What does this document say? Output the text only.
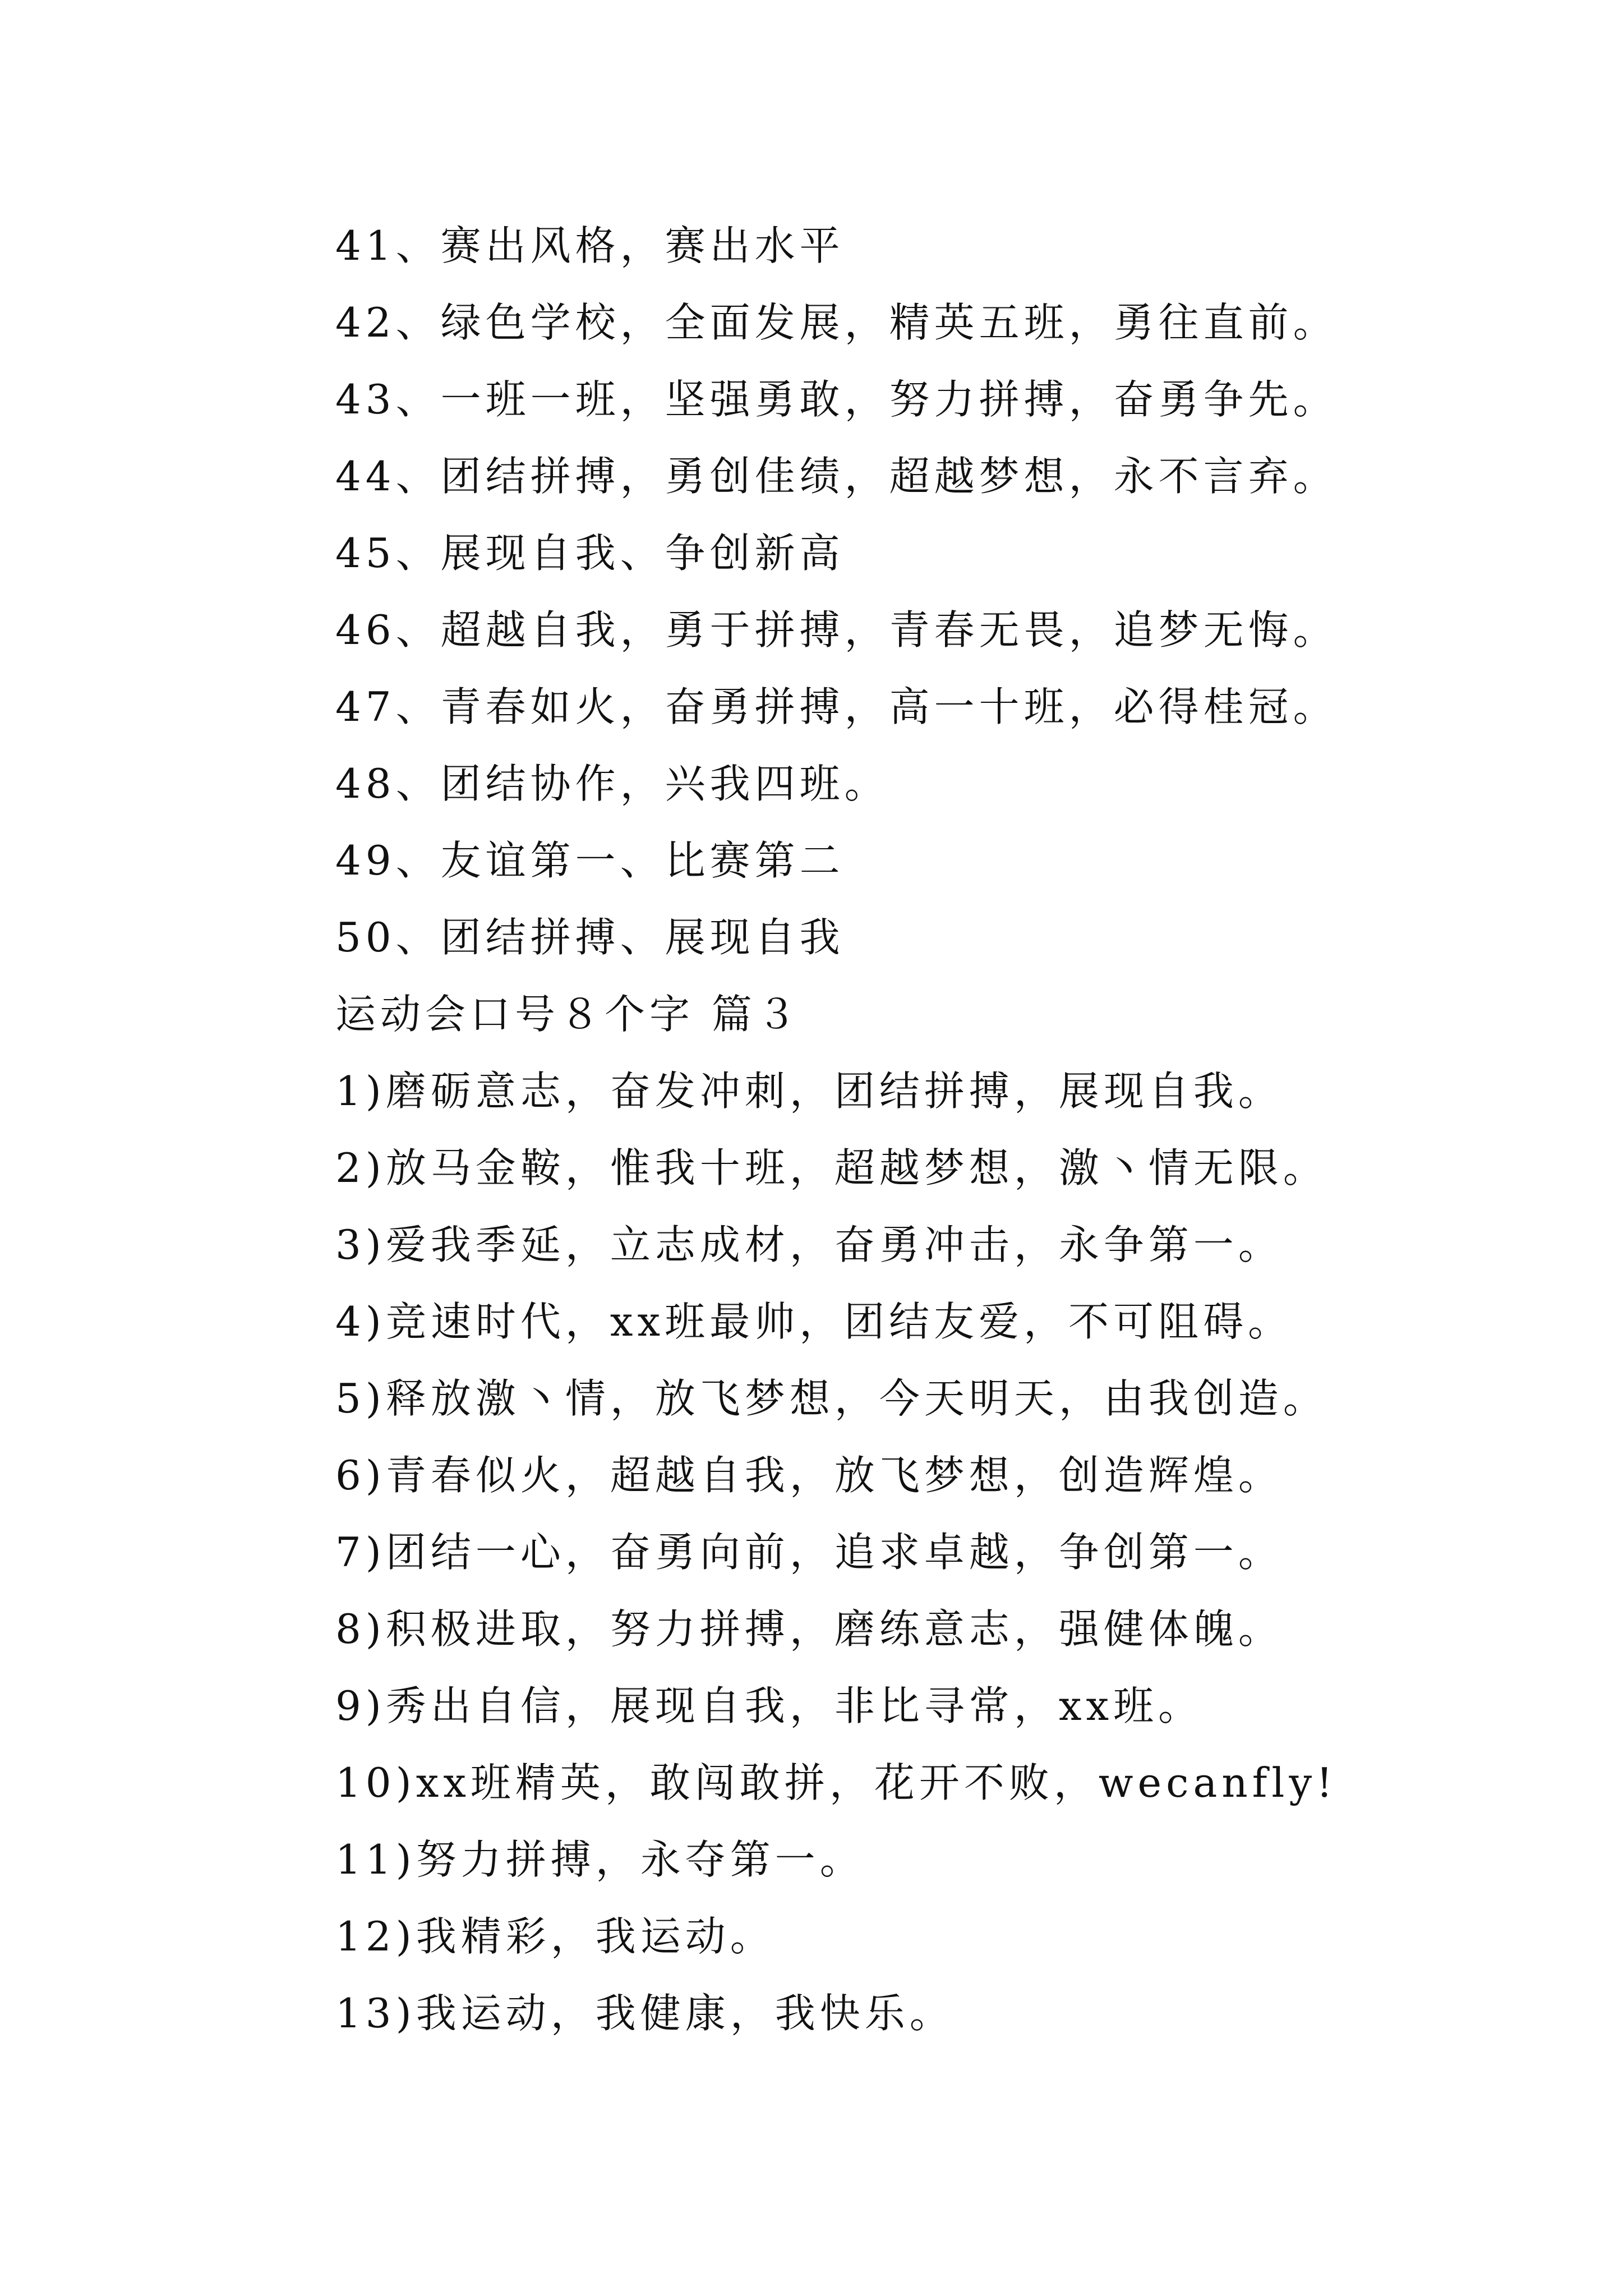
41、赛出风格，赛出水平
42、绿色学校，全面发展，精英五班，勇往直前。
43、一班一班，坚强勇敢，努力拼搏，奋勇争先。
44、团结拼搏，勇创佳绩，超越梦想，永不言弃。
45、展现自我、争创新高
46、超越自我，勇于拼搏，青春无畏，追梦无悔。
47、青春如火，奋勇拼搏，高一十班，必得桂冠。
48、团结协作，兴我四班。
49、友谊第一、比赛第二
50、团结拼搏、展现自我
运动会口号８个字 篇３
1)磨砺意志，奋发冲刺，团结拼搏，展现自我。
2)放马金鞍，惟我十班，超越梦想，激丶情无限。
3)爱我季延，立志成材，奋勇冲击，永争第一。
4)竞速时代，xx班最帅，团结友爱，不可阻碍。
5)释放激丶情，放飞梦想，今天明天，由我创造。
6)青春似火，超越自我，放飞梦想，创造辉煌。
7)团结一心，奋勇向前，追求卓越，争创第一。
8)积极进取，努力拼搏，磨练意志，强健体魄。
9)秀出自信，展现自我，非比寻常，xx班。
10)xx班精英，敢闯敢拼，花开不败，wecanfly!
11)努力拼搏，永夺第一。
12)我精彩，我运动。
13)我运动，我健康，我快乐。
